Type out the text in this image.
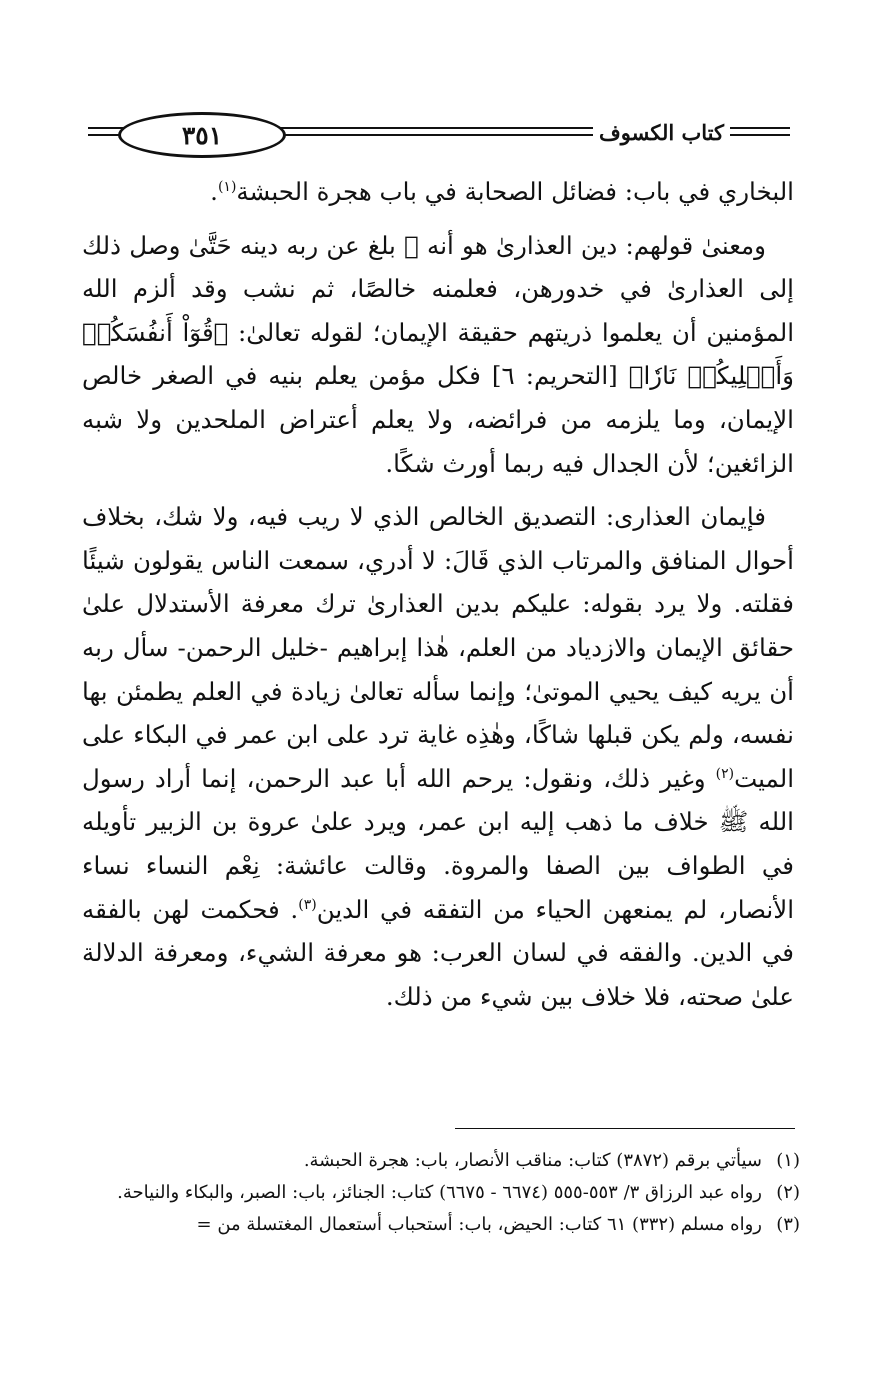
٣٥١	كتاب الكسوف

البخاري في باب: فضائل الصحابة في باب هجرة الحبشة$^{(١)}$.

ومعنىٰ قولهم: دين العذارىٰ هو أنه ﷺ بلغ عن ربه دينه حَتَّىٰ وصل ذلك إلى العذارىٰ في خدورهن، فعلمنه خالصًا، ثم نشب وقد ألزم الله المؤمنين أن يعلموا ذريتهم حقيقة الإيمان؛ لقوله تعالىٰ: ﴿قُوٓاْ أَنفُسَكُمۡ وَأَهۡلِيكُمۡ نَارٗا﴾ [التحريم: ٦] فكل مؤمن يعلم بنيه في الصغر خالص الإيمان، وما يلزمه من فرائضه، ولا يعلم أعتراض الملحدين ولا شبه الزائغين؛ لأن الجدال فيه ربما أورث شكًا.

فإيمان العذارى: التصديق الخالص الذي لا ريب فيه، ولا شك، بخلاف أحوال المنافق والمرتاب الذي قَالَ: لا أدري، سمعت الناس يقولون شيئًا فقلته. ولا يرد بقوله: عليكم بدين العذارىٰ ترك معرفة الأستدلال علىٰ حقائق الإيمان والازدياد من العلم، هٰذا إبراهيم -خليل الرحمن- سأل ربه أن يريه كيف يحيي الموتىٰ؛ وإنما سأله تعالىٰ زيادة في العلم يطمئن بها نفسه، ولم يكن قبلها شاكًا، وهٰذِه غاية ترد على ابن عمر في البكاء على الميت$^{(٢)}$ وغير ذلك، ونقول: يرحم الله أبا عبد الرحمن، إنما أراد رسول الله ﷺ خلاف ما ذهب إليه ابن عمر، ويرد علىٰ عروة بن الزبير تأويله في الطواف بين الصفا والمروة. وقالت عائشة: نِعْم النساء نساء الأنصار، لم يمنعهن الحياء من التفقه في الدين$^{(٣)}$. فحكمت لهن بالفقه في الدين. والفقه في لسان العرب: هو معرفة الشيء، ومعرفة الدلالة علىٰ صحته، فلا خلاف بين شيء من ذلك.

(١)
سيأتي برقم (٣٨٧٢) كتاب: مناقب الأنصار، باب: هجرة الحبشة.
(٢)
رواه عبد الرزاق ٣/ ٥٥٣-٥٥٥ (٦٦٧٤ - ٦٦٧٥) كتاب: الجنائز، باب: الصبر، والبكاء والنياحة.
(٣)
رواه مسلم (٣٣٢) ٦١ كتاب: الحيض، باب: أستحباب أستعمال المغتسلة من =
